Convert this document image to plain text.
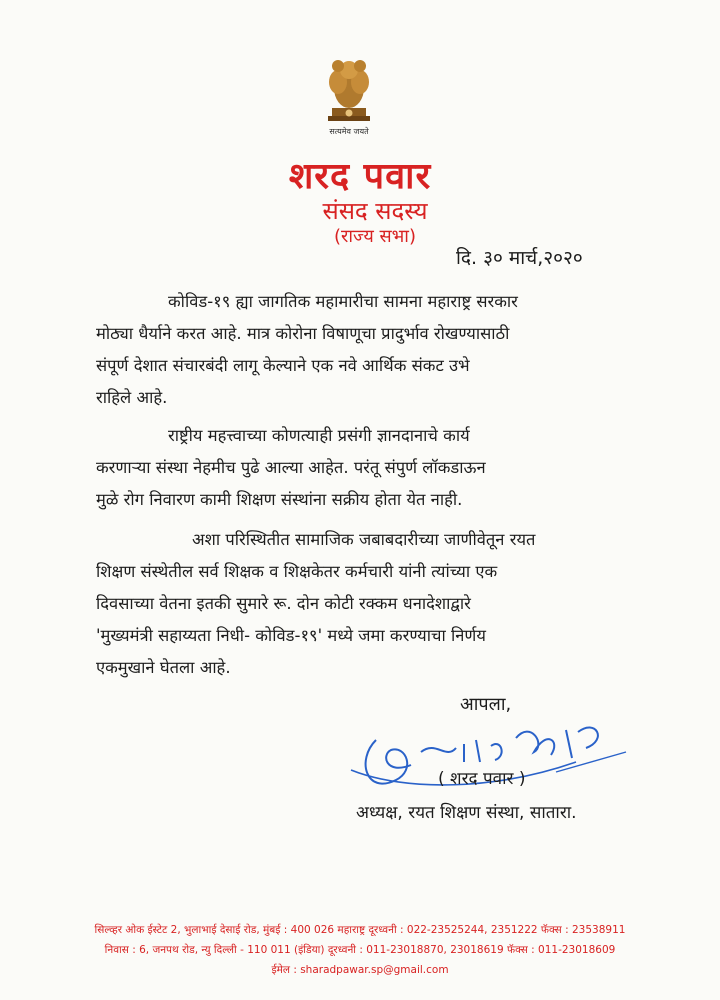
सत्यमेव जयते
शरद पवार
संसद सदस्य
(राज्य सभा)
दि. ३० मार्च,२०२०
कोविड-१९ ह्या जागतिक महामारीचा सामना महाराष्ट्र सरकार
मोठ्या धैर्याने करत आहे. मात्र कोरोना विषाणूचा प्रादुर्भाव रोखण्यासाठी
संपूर्ण देशात संचारबंदी लागू केल्याने एक नवे आर्थिक संकट उभे
राहिले आहे.
राष्ट्रीय महत्त्वाच्या कोणत्याही प्रसंगी ज्ञानदानाचे कार्य
करणाऱ्या संस्था नेहमीच पुढे आल्या आहेत. परंतू संपुर्ण लॉकडाऊन
मुळे रोग निवारण कामी शिक्षण संस्थांना सक्रीय होता येत नाही.
अशा परिस्थितीत सामाजिक जबाबदारीच्या जाणीवेतून रयत
शिक्षण संस्थेतील सर्व शिक्षक व शिक्षकेतर कर्मचारी यांनी त्यांच्या एक
दिवसाच्या वेतना इतकी सुमारे रू. दोन कोटी रक्कम धनादेशाद्वारे
'मुख्यमंत्री सहाय्यता निधी- कोविड-१९' मध्ये जमा करण्याचा निर्णय
एकमुखाने घेतला आहे.
आपला,
( शरद पवार )
अध्यक्ष, रयत शिक्षण संस्था, सातारा.
सिल्व्हर ओक ईस्टेट 2, भुलाभाई देसाई रोड, मुंबई : 400 026 महाराष्ट्र दूरध्वनी : 022-23525244, 2351222 फॅक्स : 23538911
निवास : 6, जनपथ रोड, न्यु दिल्ली - 110 011 (इंडिया) दूरध्वनी : 011-23018870, 23018619 फॅक्स : 011-23018609
ईमेल : sharadpawar.sp@gmail.com
